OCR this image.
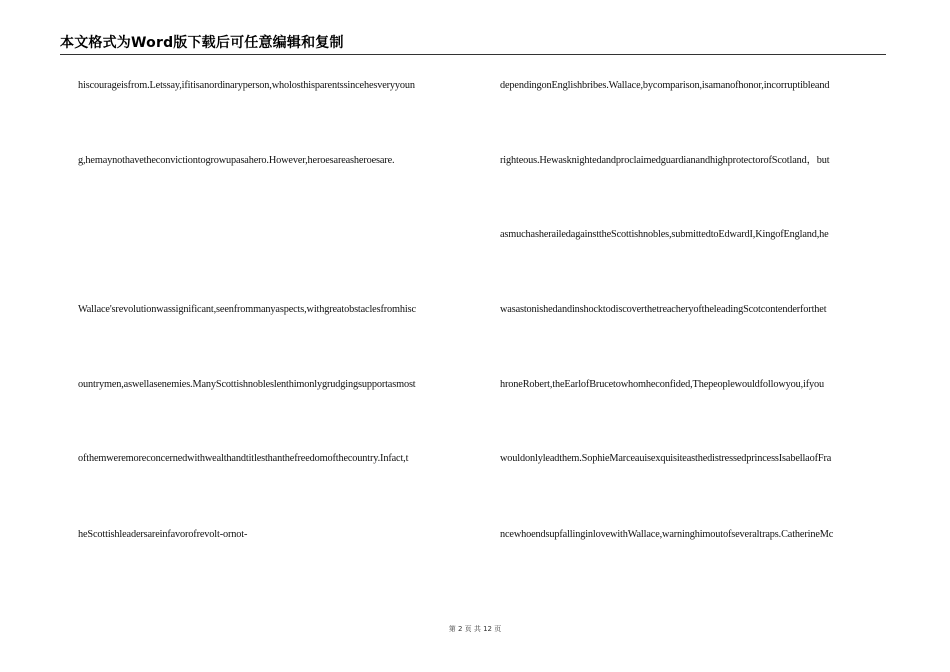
本文格式为Word版下载后可任意编辑和复制
hiscourageisfrom.Letssay,ifitisanordinaryperson,wholosthisparentssincehesveryyoun
g,hemaynothavetheconvictiontogrowupasahero.However,heroesareasheroesare.
Wallace'srevolutionwassignificant,seenfrommanyaspects,withgreatobstaclesfromhisc
ountrymen,aswellasenemies.ManyScottishnobleslenthimonlygrudgingsupportasmost
ofthemweremoreconcernedwithwealthandtitlesthanthefreedomofthecountry.Infact,t
heScottishleadersareinfavorofrevolt-ornot-
dependingonEnglishbribes.Wallace,bycomparison,isamanofhonor,incorruptibleand
righteous.HewasknightedandproclaimedguardianandhighprotectorofScotland，but
asmuchasherailedagainsttheScottishnobles,submittedtoEdwardI,KingofEngland,he
wasastonishedandinshocktodiscoverthetreacheryoftheleadingScotcontenderforthet
hroneRobert,theEarlofBrucetowhomheconfided,Thepeoplewouldfollowyou,ifyou
wouldonlyleadthem.SophieMarceauisexquisiteasthedistressedprincessIsabellaofFra
ncewhoendsupfallinginlovewithWallace,warninghimoutofseveraltraps.CatherineMc
第 2 页 共 12 页
